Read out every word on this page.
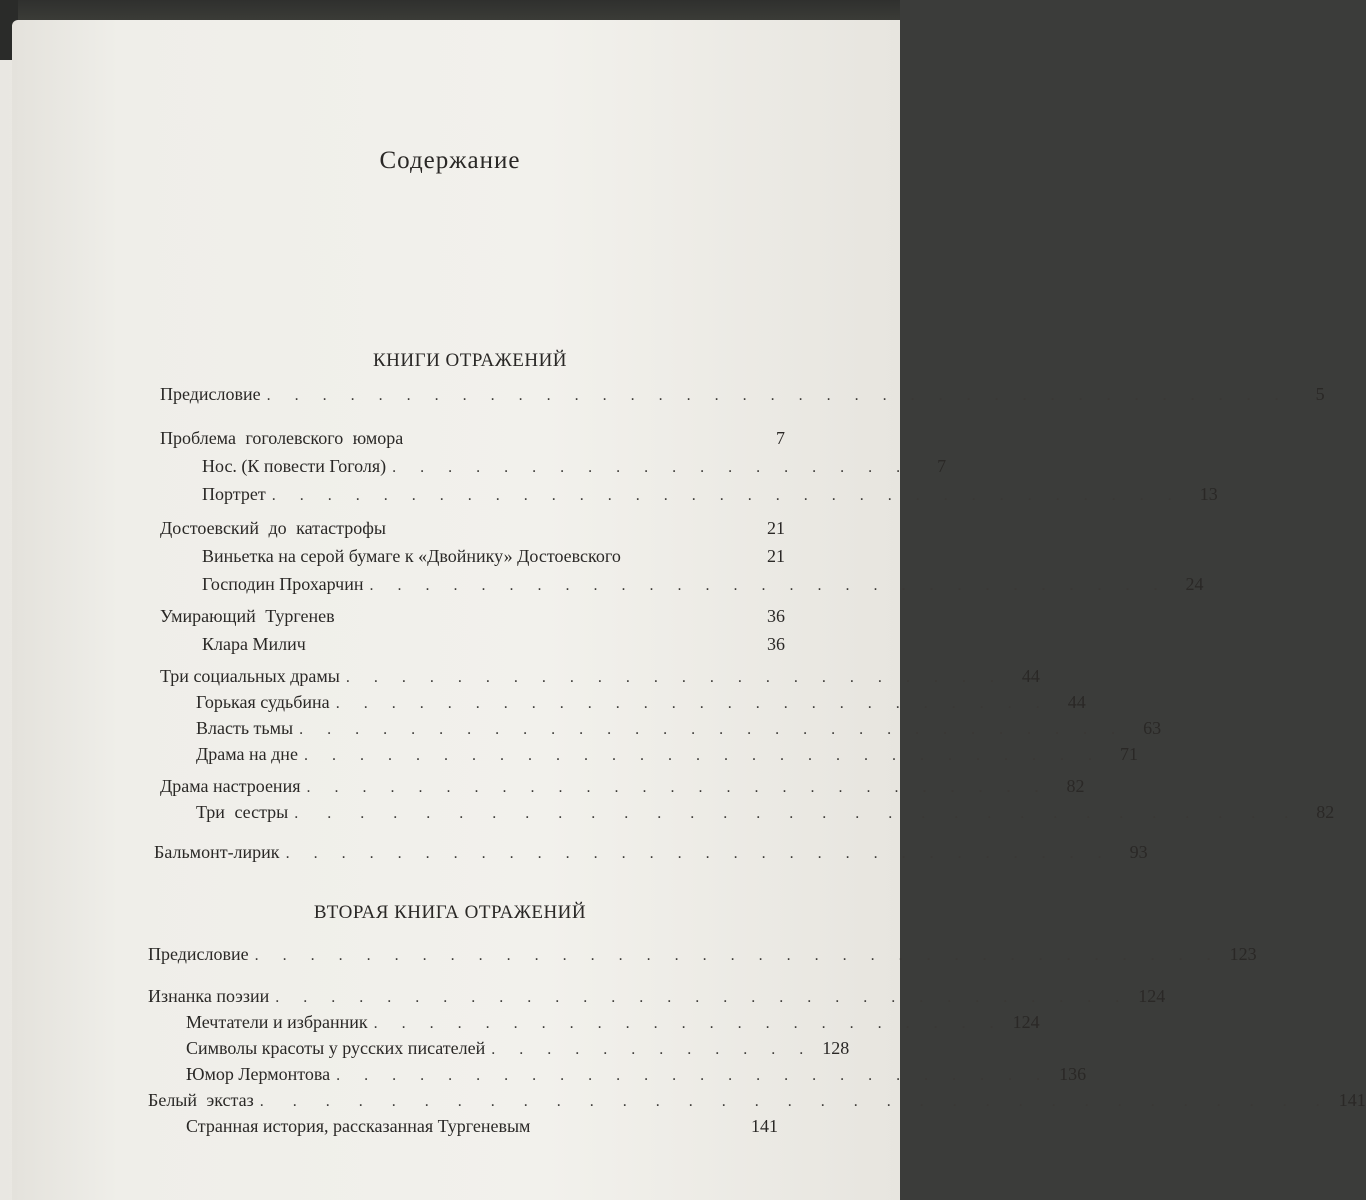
Содержание
КНИГИ ОТРАЖЕНИЙ
ВТОРАЯ КНИГА ОТРАЖЕНИЙ
Предисловие . . . . . . . . . . . . . . . . . . . . . . . . . . . . . . . . . . . . .	5
Проблема гоголевского юмора	7
Нос. (К повести Гоголя) . . . . . . . . . . . . . . . . . . .	7
Портрет . . . . . . . . . . . . . . . . . . . . . . . . . . . . . . . . .	13
Достоевский до катастрофы	21
Виньетка на серой бумаге к «Двойнику» Достоевского	21
Господин Прохарчин . . . . . . . . . . . . . . . . . . . . . . . . . . . . .	24
Умирающий Тургенев	36
Клара Милич	36
Три социальных драмы . . . . . . . . . . . . . . . . . . . . . . . .	44
Горькая судьбина . . . . . . . . . . . . . . . . . . . . . . . . . .	44
Власть тьмы . . . . . . . . . . . . . . . . . . . . . . . . . . . . . .	63
Драма на дне . . . . . . . . . . . . . . . . . . . . . . . . . . . . .	71
Драма настроения . . . . . . . . . . . . . . . . . . . . . . . . . . .	82
Три сестры . . . . . . . . . . . . . . . . . . . . . . . . . . . . . . .	82
Бальмонт-лирик . . . . . . . . . . . . . . . . . . . . . . . . . . . . . .	93
Предисловие . . . . . . . . . . . . . . . . . . . . . . . . . . . . . . . . . . . 123
Изнанка поэзии . . . . . . . . . . . . . . . . . . . . . . . . . . . . . . . 124
Мечтатели и избранник . . . . . . . . . . . . . . . . . . . . . . . 124
Символы красоты у русских писателей . . . . . . . . . . . . 128
Юмор Лермонтова . . . . . . . . . . . . . . . . . . . . . . . . . . 136
Белый экстаз . . . . . . . . . . . . . . . . . . . . . . . . . . . . . . . . . 141
Странная история, рассказанная Тургеневым	141
